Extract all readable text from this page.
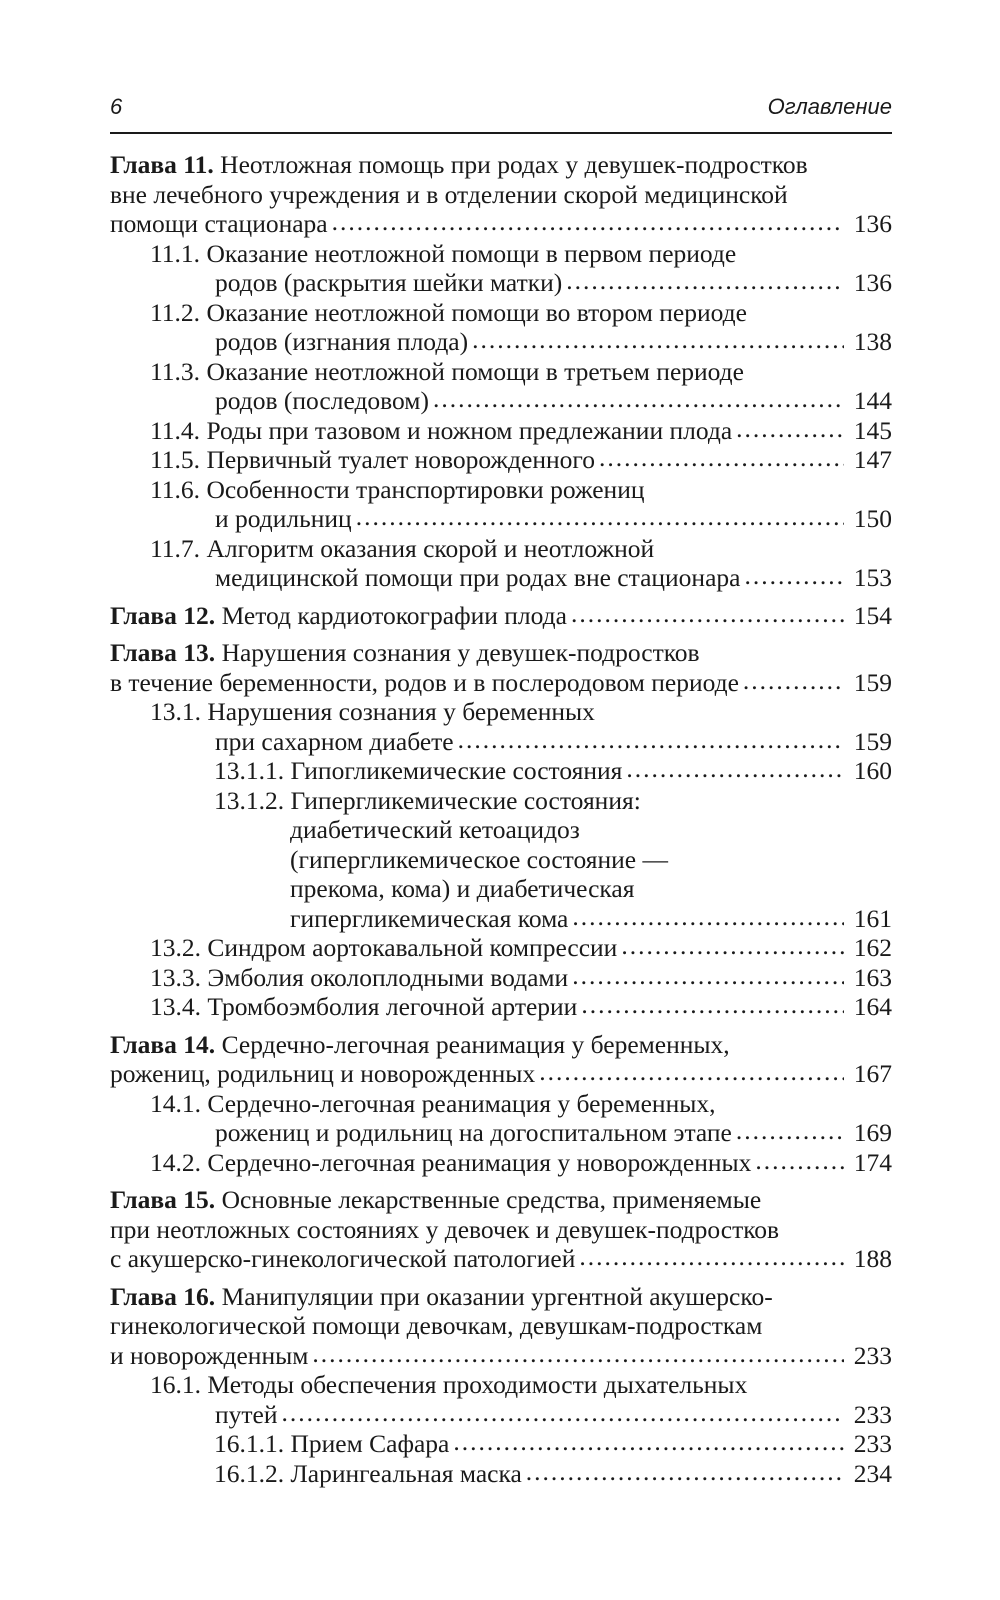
6	Оглавление
Глава 11. Неотложная помощь при родах у девушек-подростков
вне лечебного учреждения и в отделении скорой медицинской
помощи стационара .....	136
11.1. Оказание неотложной помощи в первом периоде
родов (раскрытия шейки матки) .....	136
11.2. Оказание неотложной помощи во втором периоде
родов (изгнания плода) .....	138
11.3. Оказание неотложной помощи в третьем периоде
родов (последовом) .....	144
11.4. Роды при тазовом и ножном предлежании плода .....	145
11.5. Первичный туалет новорожденного .....	147
11.6. Особенности транспортировки рожениц
и родильниц .....	150
11.7. Алгоритм оказания скорой и неотложной
медицинской помощи при родах вне стационара .....	153
Глава 12. Метод кардиотокографии плода .....	154
Глава 13. Нарушения сознания у девушек-подростков
в течение беременности, родов и в послеродовом периоде .....	159
13.1. Нарушения сознания у беременных
при сахарном диабете .....	159
13.1.1. Гипогликемические состояния .....	160
13.1.2. Гипергликемические состояния:
диабетический кетоацидоз
(гипергликемическое состояние —
прекома, кома) и диабетическая
гипергликемическая кома .....	161
13.2. Синдром аортокавальной компрессии .....	162
13.3. Эмболия околоплодными водами .....	163
13.4. Тромбоэмболия легочной артерии .....	164
Глава 14. Сердечно-легочная реанимация у беременных,
рожениц, родильниц и новорожденных .....	167
14.1. Сердечно-легочная реанимация у беременных,
рожениц и родильниц на догоспитальном этапе .....	169
14.2. Сердечно-легочная реанимация у новорожденных .....	174
Глава 15. Основные лекарственные средства, применяемые
при неотложных состояниях у девочек и девушек-подростков
с акушерско-гинекологической патологией .....	188
Глава 16. Манипуляции при оказании ургентной акушерско-
гинекологической помощи девочкам, девушкам-подросткам
и новорожденным .....	233
16.1. Методы обеспечения проходимости дыхательных
путей .....	233
16.1.1. Прием Сафара .....	233
16.1.2. Ларингеальная маска .....	234
